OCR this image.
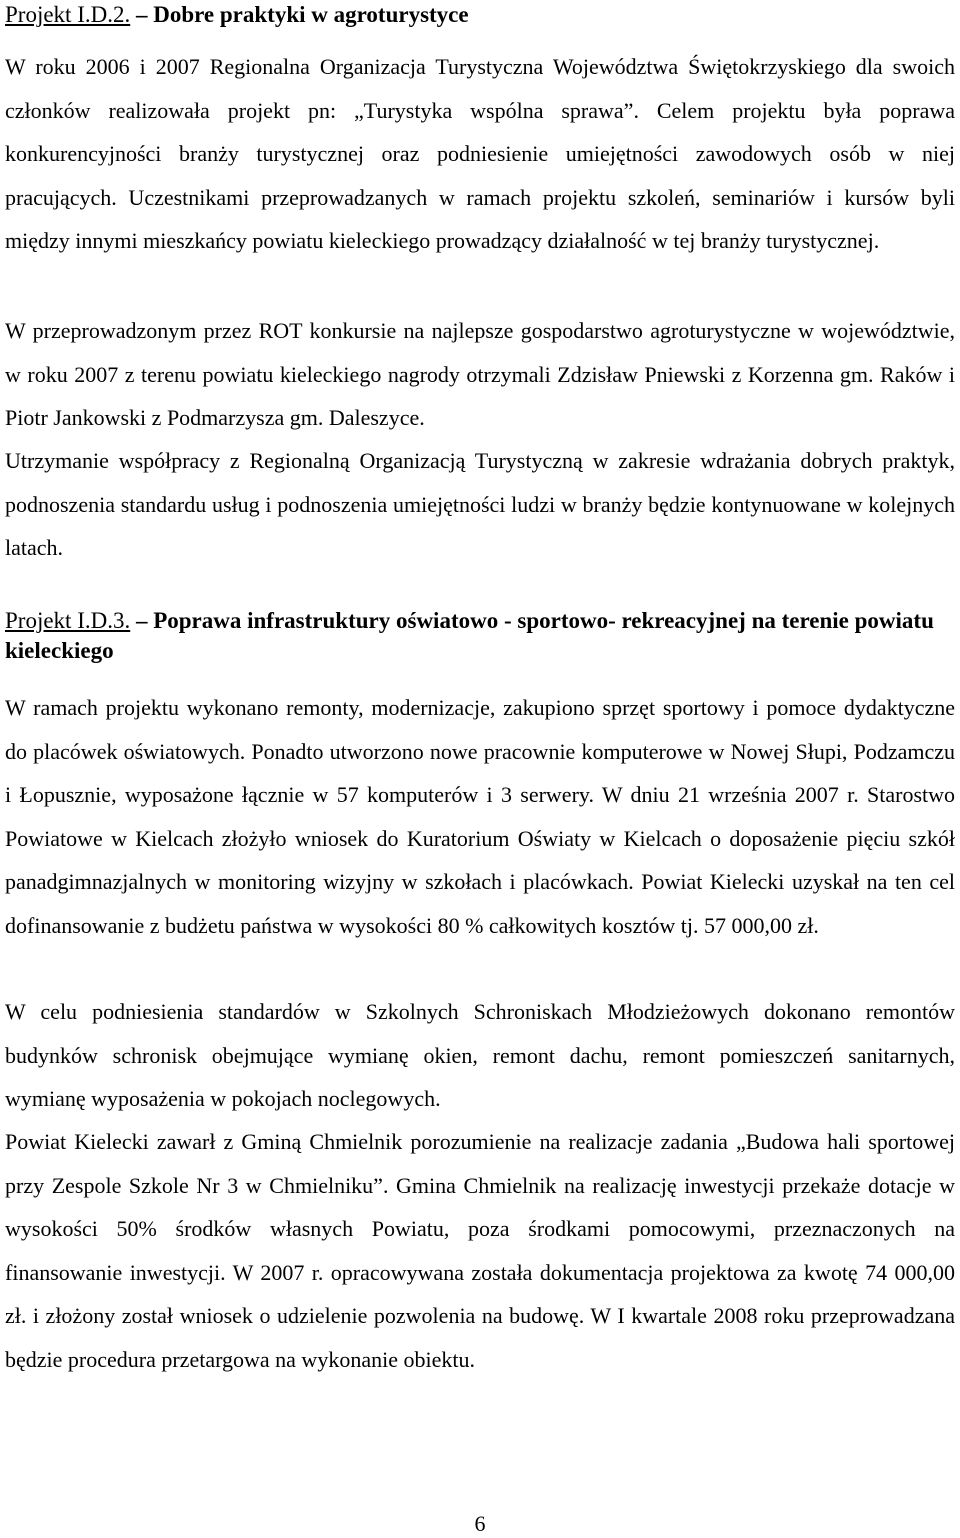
Projekt I.D.2. – Dobre praktyki w agroturystyce

W roku 2006 i 2007 Regionalna Organizacja Turystyczna Województwa Świętokrzyskiego dla swoich członków realizowała projekt pn: „Turystyka wspólna sprawa”. Celem projektu była poprawa konkurencyjności branży turystycznej oraz podniesienie umiejętności zawodowych osób w niej pracujących. Uczestnikami przeprowadzanych w ramach projektu szkoleń, seminariów i kursów byli między innymi mieszkańcy powiatu kieleckiego prowadzący działalność w tej branży turystycznej.

W przeprowadzonym przez ROT konkursie na najlepsze gospodarstwo agroturystyczne w województwie, w roku 2007 z terenu powiatu kieleckiego nagrody otrzymali Zdzisław Pniewski z Korzenna gm. Raków i Piotr Jankowski z Podmarzysza gm. Daleszyce.

Utrzymanie współpracy z Regionalną Organizacją Turystyczną w zakresie wdrażania dobrych praktyk, podnoszenia standardu usług i podnoszenia umiejętności ludzi w branży będzie kontynuowane w kolejnych latach.

Projekt I.D.3. – Poprawa infrastruktury oświatowo - sportowo- rekreacyjnej na terenie powiatu kieleckiego

W ramach projektu wykonano remonty, modernizacje, zakupiono sprzęt sportowy i pomoce dydaktyczne do placówek oświatowych. Ponadto utworzono nowe pracownie komputerowe w Nowej Słupi, Podzamczu i Łopusznie, wyposażone łącznie w 57 komputerów i 3 serwery. W dniu 21 września 2007 r. Starostwo Powiatowe w Kielcach złożyło wniosek do Kuratorium Oświaty w Kielcach o doposażenie pięciu szkół panadgimnazjalnych w monitoring wizyjny w szkołach i placówkach. Powiat Kielecki uzyskał na ten cel dofinansowanie z budżetu państwa w wysokości 80 % całkowitych kosztów tj. 57 000,00 zł.

W celu podniesienia standardów w Szkolnych Schroniskach Młodzieżowych dokonano remontów budynków schronisk obejmujące wymianę okien, remont dachu, remont pomieszczeń sanitarnych, wymianę wyposażenia w pokojach noclegowych.

Powiat Kielecki zawarł z Gminą Chmielnik porozumienie na realizacje zadania „Budowa hali sportowej przy Zespole Szkole Nr 3 w Chmielniku”. Gmina Chmielnik na realizację inwestycji przekaże dotacje w wysokości 50% środków własnych Powiatu, poza środkami pomocowymi, przeznaczonych na finansowanie inwestycji. W 2007 r. opracowywana została dokumentacja projektowa za kwotę 74 000,00 zł. i złożony został wniosek o udzielenie pozwolenia na budowę. W I kwartale 2008 roku przeprowadzana będzie procedura przetargowa na wykonanie obiektu.

6
